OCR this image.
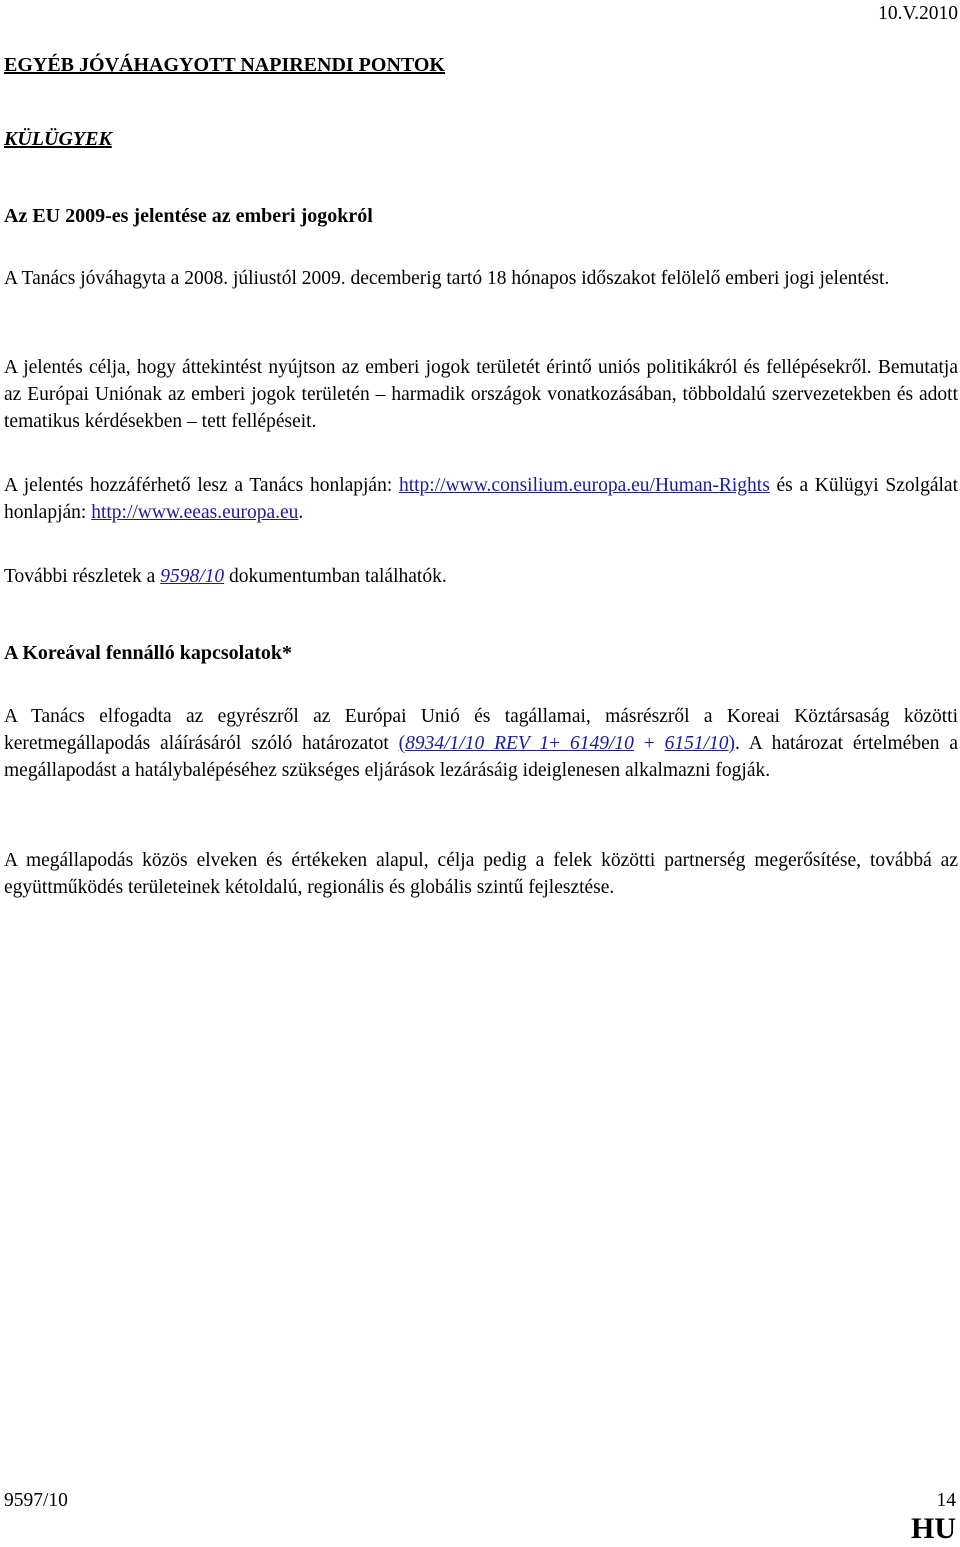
10.V.2010
EGYÉB JÓVÁHAGYOTT NAPIRENDI PONTOK
KÜLÜGYEK
Az EU 2009-es jelentése az emberi jogokról
A Tanács jóváhagyta a 2008. júliustól 2009. decemberig tartó 18 hónapos időszakot felölelő emberi jogi jelentést.
A jelentés célja, hogy áttekintést nyújtson az emberi jogok területét érintő uniós politikákról és fellépésekről. Bemutatja az Európai Uniónak az emberi jogok területén – harmadik országok vonatkozásában, többoldalú szervezetekben és adott tematikus kérdésekben – tett fellépéseit.
A jelentés hozzáférhető lesz a Tanács honlapján: http://www.consilium.europa.eu/Human-Rights és a Külügyi Szolgálat honlapján: http://www.eeas.europa.eu.
További részletek a 9598/10 dokumentumban találhatók.
A Koreával fennálló kapcsolatok*
A Tanács elfogadta az egyrészről az Európai Unió és tagállamai, másrészről a Koreai Köztársaság közötti keretmegállapodás aláírásáról szóló határozatot (8934/1/10 REV 1+ 6149/10 + 6151/10). A határozat értelmében a megállapodást a hatálybalépéséhez szükséges eljárások lezárásáig ideiglenesen alkalmazni fogják.
A megállapodás közös elveken és értékeken alapul, célja pedig a felek közötti partnerség megerősítése, továbbá az együttműködés területeinek kétoldalú, regionális és globális szintű fejlesztése.
9597/10	14
HU
